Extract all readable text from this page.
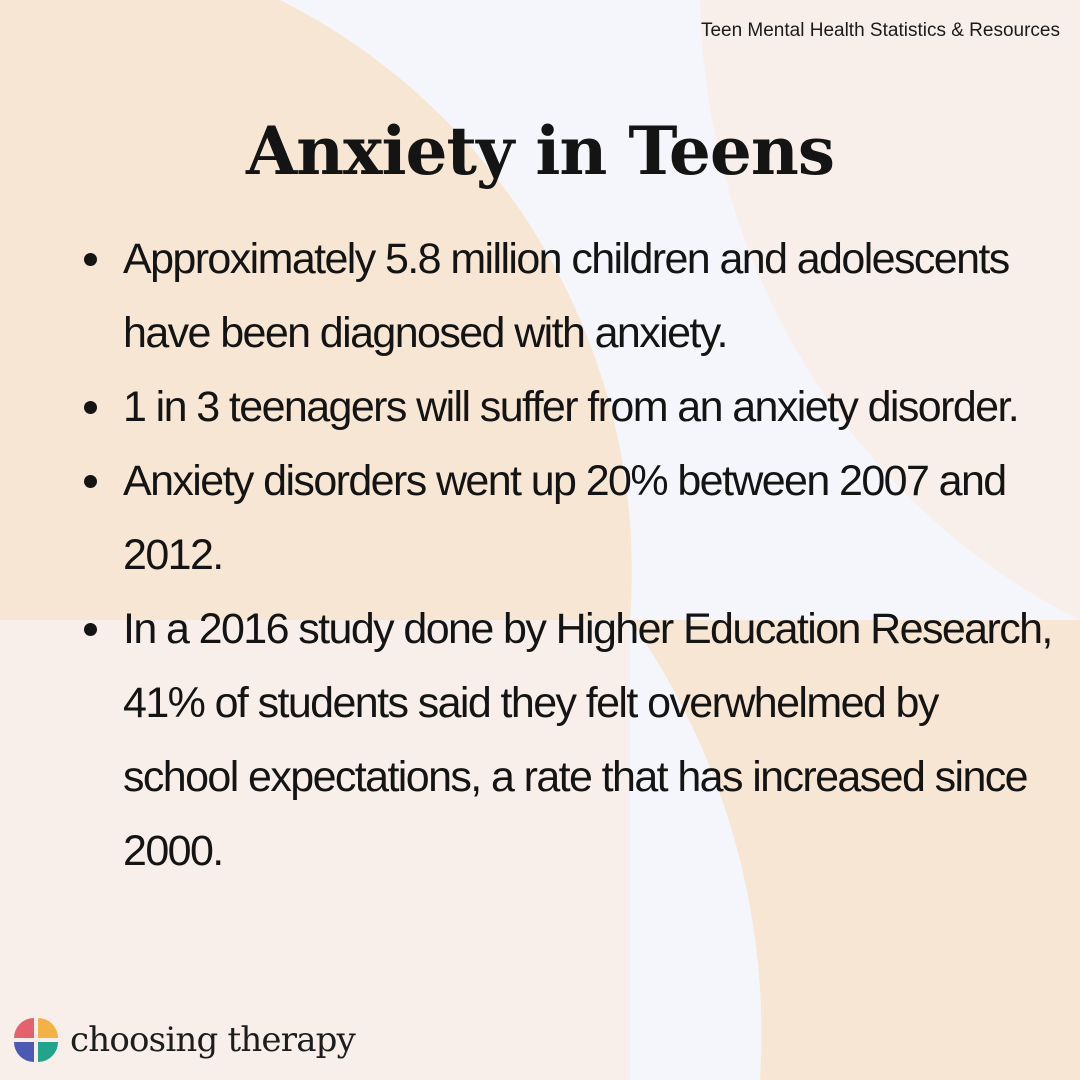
Teen Mental Health Statistics & Resources
Anxiety in Teens
Approximately 5.8 million children and adolescents have been diagnosed with anxiety.
1 in 3 teenagers will suffer from an anxiety disorder.
Anxiety disorders went up 20% between 2007 and 2012.
In a 2016 study done by Higher Education Research, 41% of students said they felt overwhelmed by school expectations, a rate that has increased since 2000.
choosing therapy
